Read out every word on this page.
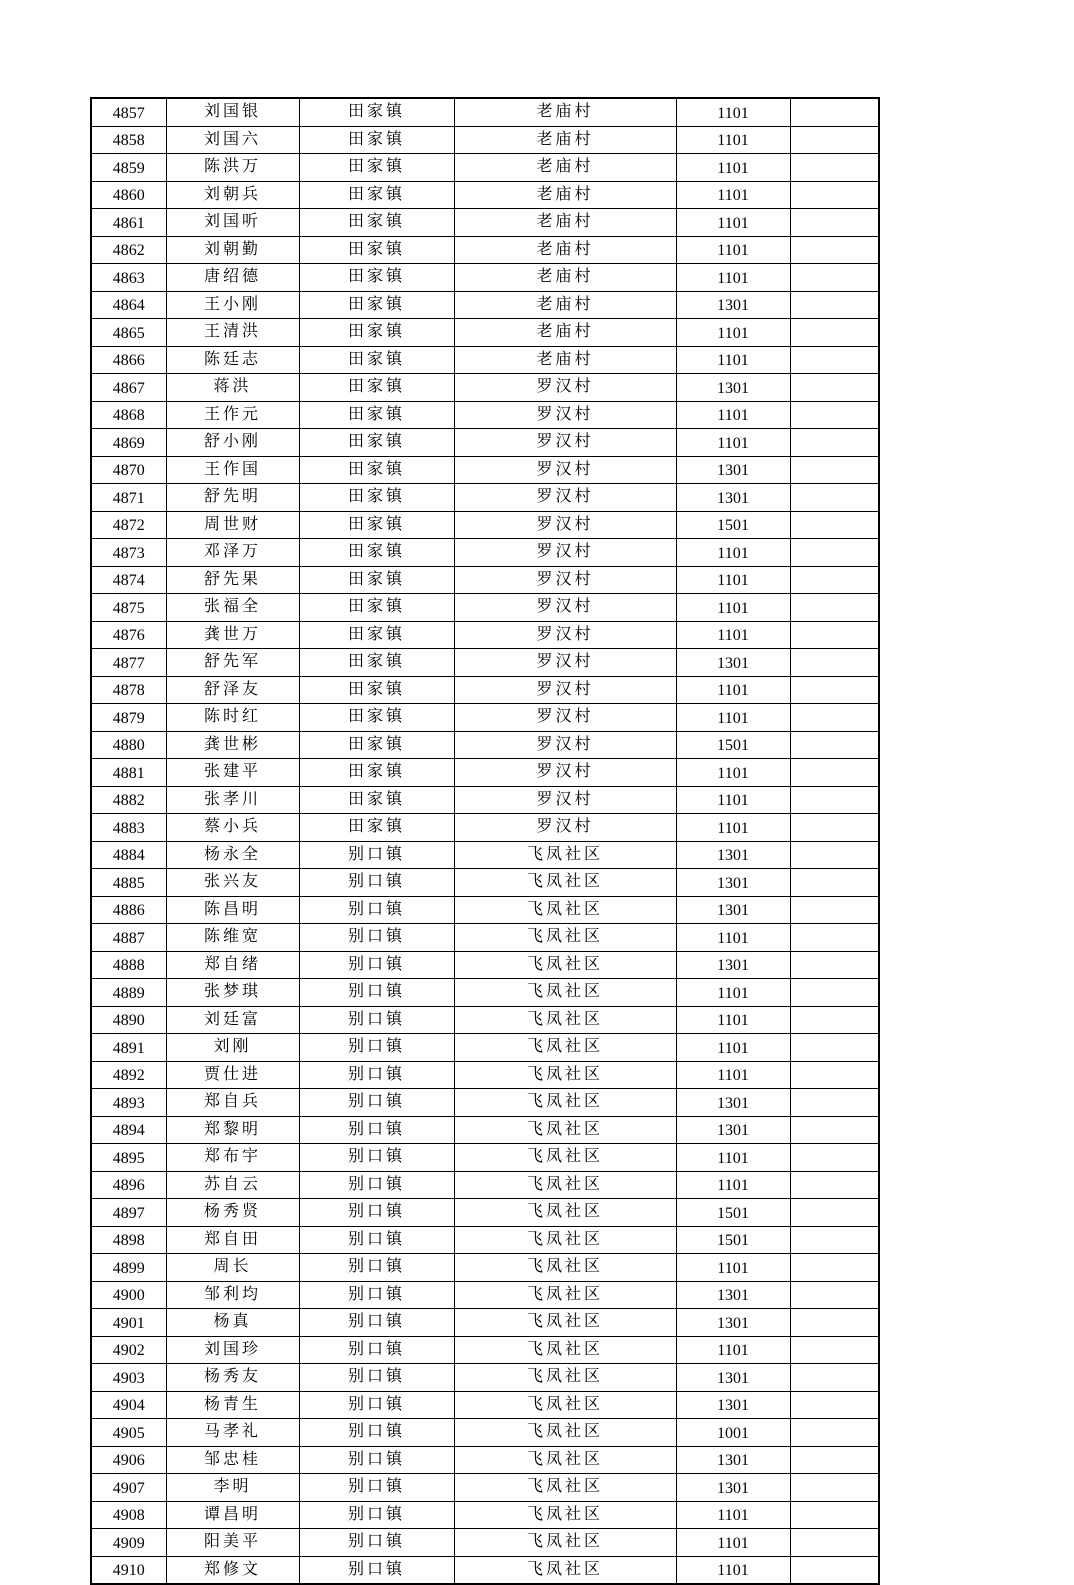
4857	刘国银	田家镇	老庙村	1101	
4858	刘国六	田家镇	老庙村	1101	
4859	陈洪万	田家镇	老庙村	1101	
4860	刘朝兵	田家镇	老庙村	1101	
4861	刘国听	田家镇	老庙村	1101	
4862	刘朝勤	田家镇	老庙村	1101	
4863	唐绍德	田家镇	老庙村	1101	
4864	王小刚	田家镇	老庙村	1301	
4865	王清洪	田家镇	老庙村	1101	
4866	陈廷志	田家镇	老庙村	1101	
4867	蒋洪	田家镇	罗汉村	1301	
4868	王作元	田家镇	罗汉村	1101	
4869	舒小刚	田家镇	罗汉村	1101	
4870	王作国	田家镇	罗汉村	1301	
4871	舒先明	田家镇	罗汉村	1301	
4872	周世财	田家镇	罗汉村	1501	
4873	邓泽万	田家镇	罗汉村	1101	
4874	舒先果	田家镇	罗汉村	1101	
4875	张福全	田家镇	罗汉村	1101	
4876	龚世万	田家镇	罗汉村	1101	
4877	舒先军	田家镇	罗汉村	1301	
4878	舒泽友	田家镇	罗汉村	1101	
4879	陈时红	田家镇	罗汉村	1101	
4880	龚世彬	田家镇	罗汉村	1501	
4881	张建平	田家镇	罗汉村	1101	
4882	张孝川	田家镇	罗汉村	1101	
4883	蔡小兵	田家镇	罗汉村	1101	
4884	杨永全	别口镇	飞凤社区	1301	
4885	张兴友	别口镇	飞凤社区	1301	
4886	陈昌明	别口镇	飞凤社区	1301	
4887	陈维宽	别口镇	飞凤社区	1101	
4888	郑自绪	别口镇	飞凤社区	1301	
4889	张梦琪	别口镇	飞凤社区	1101	
4890	刘廷富	别口镇	飞凤社区	1101	
4891	刘刚	别口镇	飞凤社区	1101	
4892	贾仕进	别口镇	飞凤社区	1101	
4893	郑自兵	别口镇	飞凤社区	1301	
4894	郑黎明	别口镇	飞凤社区	1301	
4895	郑布宇	别口镇	飞凤社区	1101	
4896	苏自云	别口镇	飞凤社区	1101	
4897	杨秀贤	别口镇	飞凤社区	1501	
4898	郑自田	别口镇	飞凤社区	1501	
4899	周长	别口镇	飞凤社区	1101	
4900	邹利均	别口镇	飞凤社区	1301	
4901	杨真	别口镇	飞凤社区	1301	
4902	刘国珍	别口镇	飞凤社区	1101	
4903	杨秀友	别口镇	飞凤社区	1301	
4904	杨青生	别口镇	飞凤社区	1301	
4905	马孝礼	别口镇	飞凤社区	1001	
4906	邹忠桂	别口镇	飞凤社区	1301	
4907	李明	别口镇	飞凤社区	1301	
4908	谭昌明	别口镇	飞凤社区	1101	
4909	阳美平	别口镇	飞凤社区	1101	
4910	郑修文	别口镇	飞凤社区	1101	
